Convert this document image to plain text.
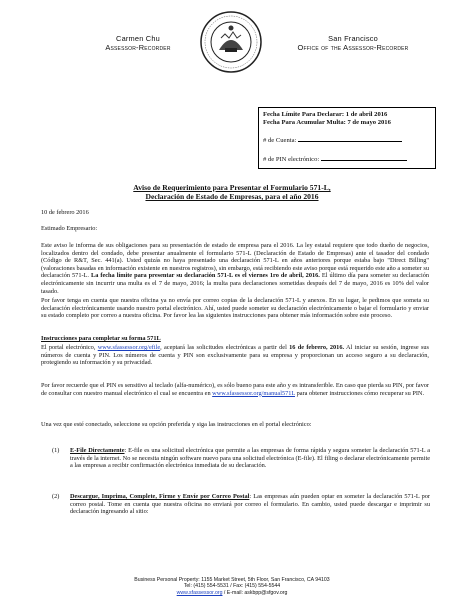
Carmen Chu
Assessor-Recorder
San Francisco
Office of the Assessor-Recorder
Fecha Límite Para Declarar: 1 de abril 2016
Fecha Para Acumular Multa: 7 de mayo 2016
# de Cuenta:
# de PIN electrónico:
Aviso de Requerimiento para Presentar el Formulario 571-L,
Declaración de Estado de Empresas, para el año 2016
10 de febrero 2016
Estimado Empresario:
Este aviso le informa de sus obligaciones para su presentación de estado de empresa para el 2016. La ley estatal requiere que todo dueño de negocios, localizados dentro del condado, debe presentar anualmente el formulario 571-L (Declaración de Estado de Empresas) ante el tasador del condado (Código de R&T, Sec. 441(a). Usted quizás no haya presentado una declaración 571-L en años anteriores porque estaba bajo "Direct Billing" (valoraciones basadas en información existente en nuestros registros), sin embargo, está recibiendo este aviso porque está requerido este año a someter su declaración 571-L. La fecha límite para presentar su declaración 571-L es el viernes 1ro de abril, 2016. El último día para someter su declaración electrónicamente sin incurrir una multa es el 7 de mayo, 2016; la multa para declaraciones sometidas después del 7 de mayo, 2016 es 10% del valor tasado.
Por favor tenga en cuenta que nuestra oficina ya no envía por correo copias de la declaración 571-L y anexos. En su lugar, le pedimos que someta su declaración electrónicamente usando nuestro portal electrónico. Ahí, usted puede someter su declaración electrónicamente o bajar el formulario y enviar su estado completo por correo a nuestra oficina. Por favor lea las siguientes instrucciones para obtener más información sobre este proceso.
Instrucciones para completar su forma 571L
El portal electrónico, www.sfassessor.org/efile, aceptará las solicitudes electrónicas a partir del 16 de febrero, 2016. Al iniciar su sesión, ingrese sus números de cuenta y PIN. Los números de cuenta y PIN son exclusivamente para su empresa y proporcionan un acceso seguro a su declaración, protegiendo su información y su privacidad.
Por favor recuerde que el PIN es sensitivo al teclado (alfa-numérico), es sólo bueno para este año y es intransferible. En caso que pierda su PIN, por favor de consultar con nuestro manual electrónico el cual se encuentra en www.sfassessor.org/manual571L para obtener instrucciones cómo recuperar su PIN.
Una vez que esté conectado, seleccione su opción preferida y siga las instrucciones en el portal electrónico:
(1) E-File Directamente: E-file es una solicitud electrónica que permite a las empresas de forma rápida y segura someter la declaración 571-L a través de la internet. No se necesita ningún software nuevo para una solicitud electrónica (E-file). El filing o declarar electrónicamente permite a las empresas a recibir confirmación electrónica inmediata de su declaración.
(2) Descargue, Imprima, Complete, Firme y Envíe por Correo Postal: Las empresas aún pueden optar en someter la declaración 571-L por correo postal. Tome en cuenta que nuestra oficina no enviará por correo el formulario. En cambio, usted puede descargar e imprimir su declaración ingresando al sitio:
Business Personal Property: 1155 Market Street, 5th Floor, San Francisco, CA 94103
Tel: (415) 554-5531 / Fax: (415) 554-5544
www.sfassessor.org / E-mail: askbpp@sfgov.org
